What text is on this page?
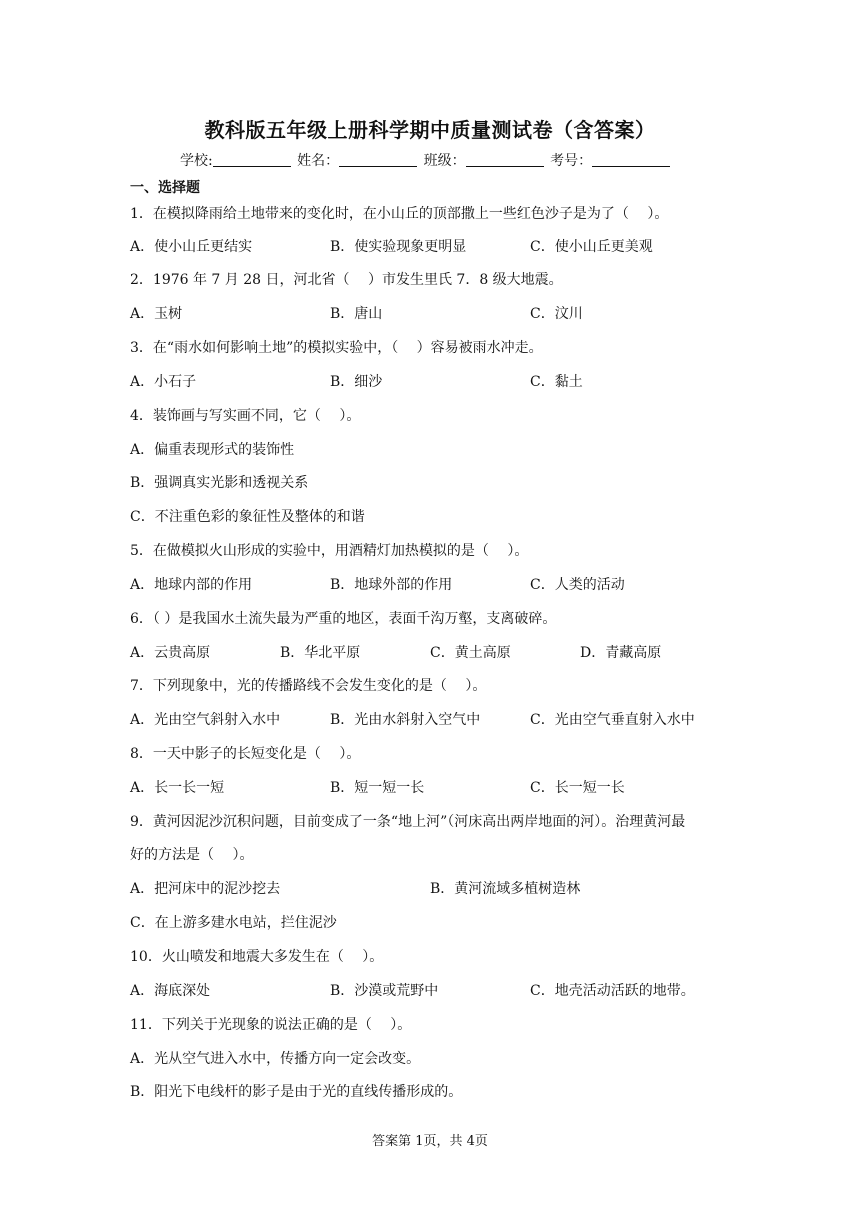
教科版五年级上册科学期中质量测试卷（含答案）
学校:	姓名：	班级：	考号：
一、选择题
1．在模拟降雨给土地带来的变化时，在小山丘的顶部撒上一些红色沙子是为了（　 ）。
A．使小山丘更结实	B．使实验现象更明显	C．使小山丘更美观
2．1976 年 7 月 28 日，河北省（　 ）市发生里氏 7．8 级大地震。
A．玉树	B．唐山	C．汶川
3．在“雨水如何影响土地”的模拟实验中，（　 ）容易被雨水冲走。
A．小石子	B．细沙	C．黏土
4．装饰画与写实画不同，它（　 ）。
A．偏重表现形式的装饰性
B．强调真实光影和透视关系
C．不注重色彩的象征性及整体的和谐
5．在做模拟火山形成的实验中，用酒精灯加热模拟的是（　 ）。
A．地球内部的作用	B．地球外部的作用	C．人类的活动
6．（ ）是我国水土流失最为严重的地区，表面千沟万壑，支离破碎。
A．云贵高原	B．华北平原	C．黄土高原	D．青藏高原
7．下列现象中，光的传播路线不会发生变化的是（　 ）。
A．光由空气斜射入水中	B．光由水斜射入空气中	C．光由空气垂直射入水中
8．一天中影子的长短变化是（　 ）。
A．长一长一短	B．短一短一长	C．长一短一长
9．黄河因泥沙沉积问题，目前变成了一条“地上河”（河床高出两岸地面的河）。治理黄河最
好的方法是（　 ）。
A．把河床中的泥沙挖去	B．黄河流域多植树造林
C．在上游多建水电站，拦住泥沙
10．火山喷发和地震大多发生在（　 ）。
A．海底深处	B．沙漠或荒野中	C．地壳活动活跃的地带。
11．下列关于光现象的说法正确的是（　 ）。
A．光从空气进入水中，传播方向一定会改变。
B．阳光下电线杆的影子是由于光的直线传播形成的。
答案第 1页，共 4页
